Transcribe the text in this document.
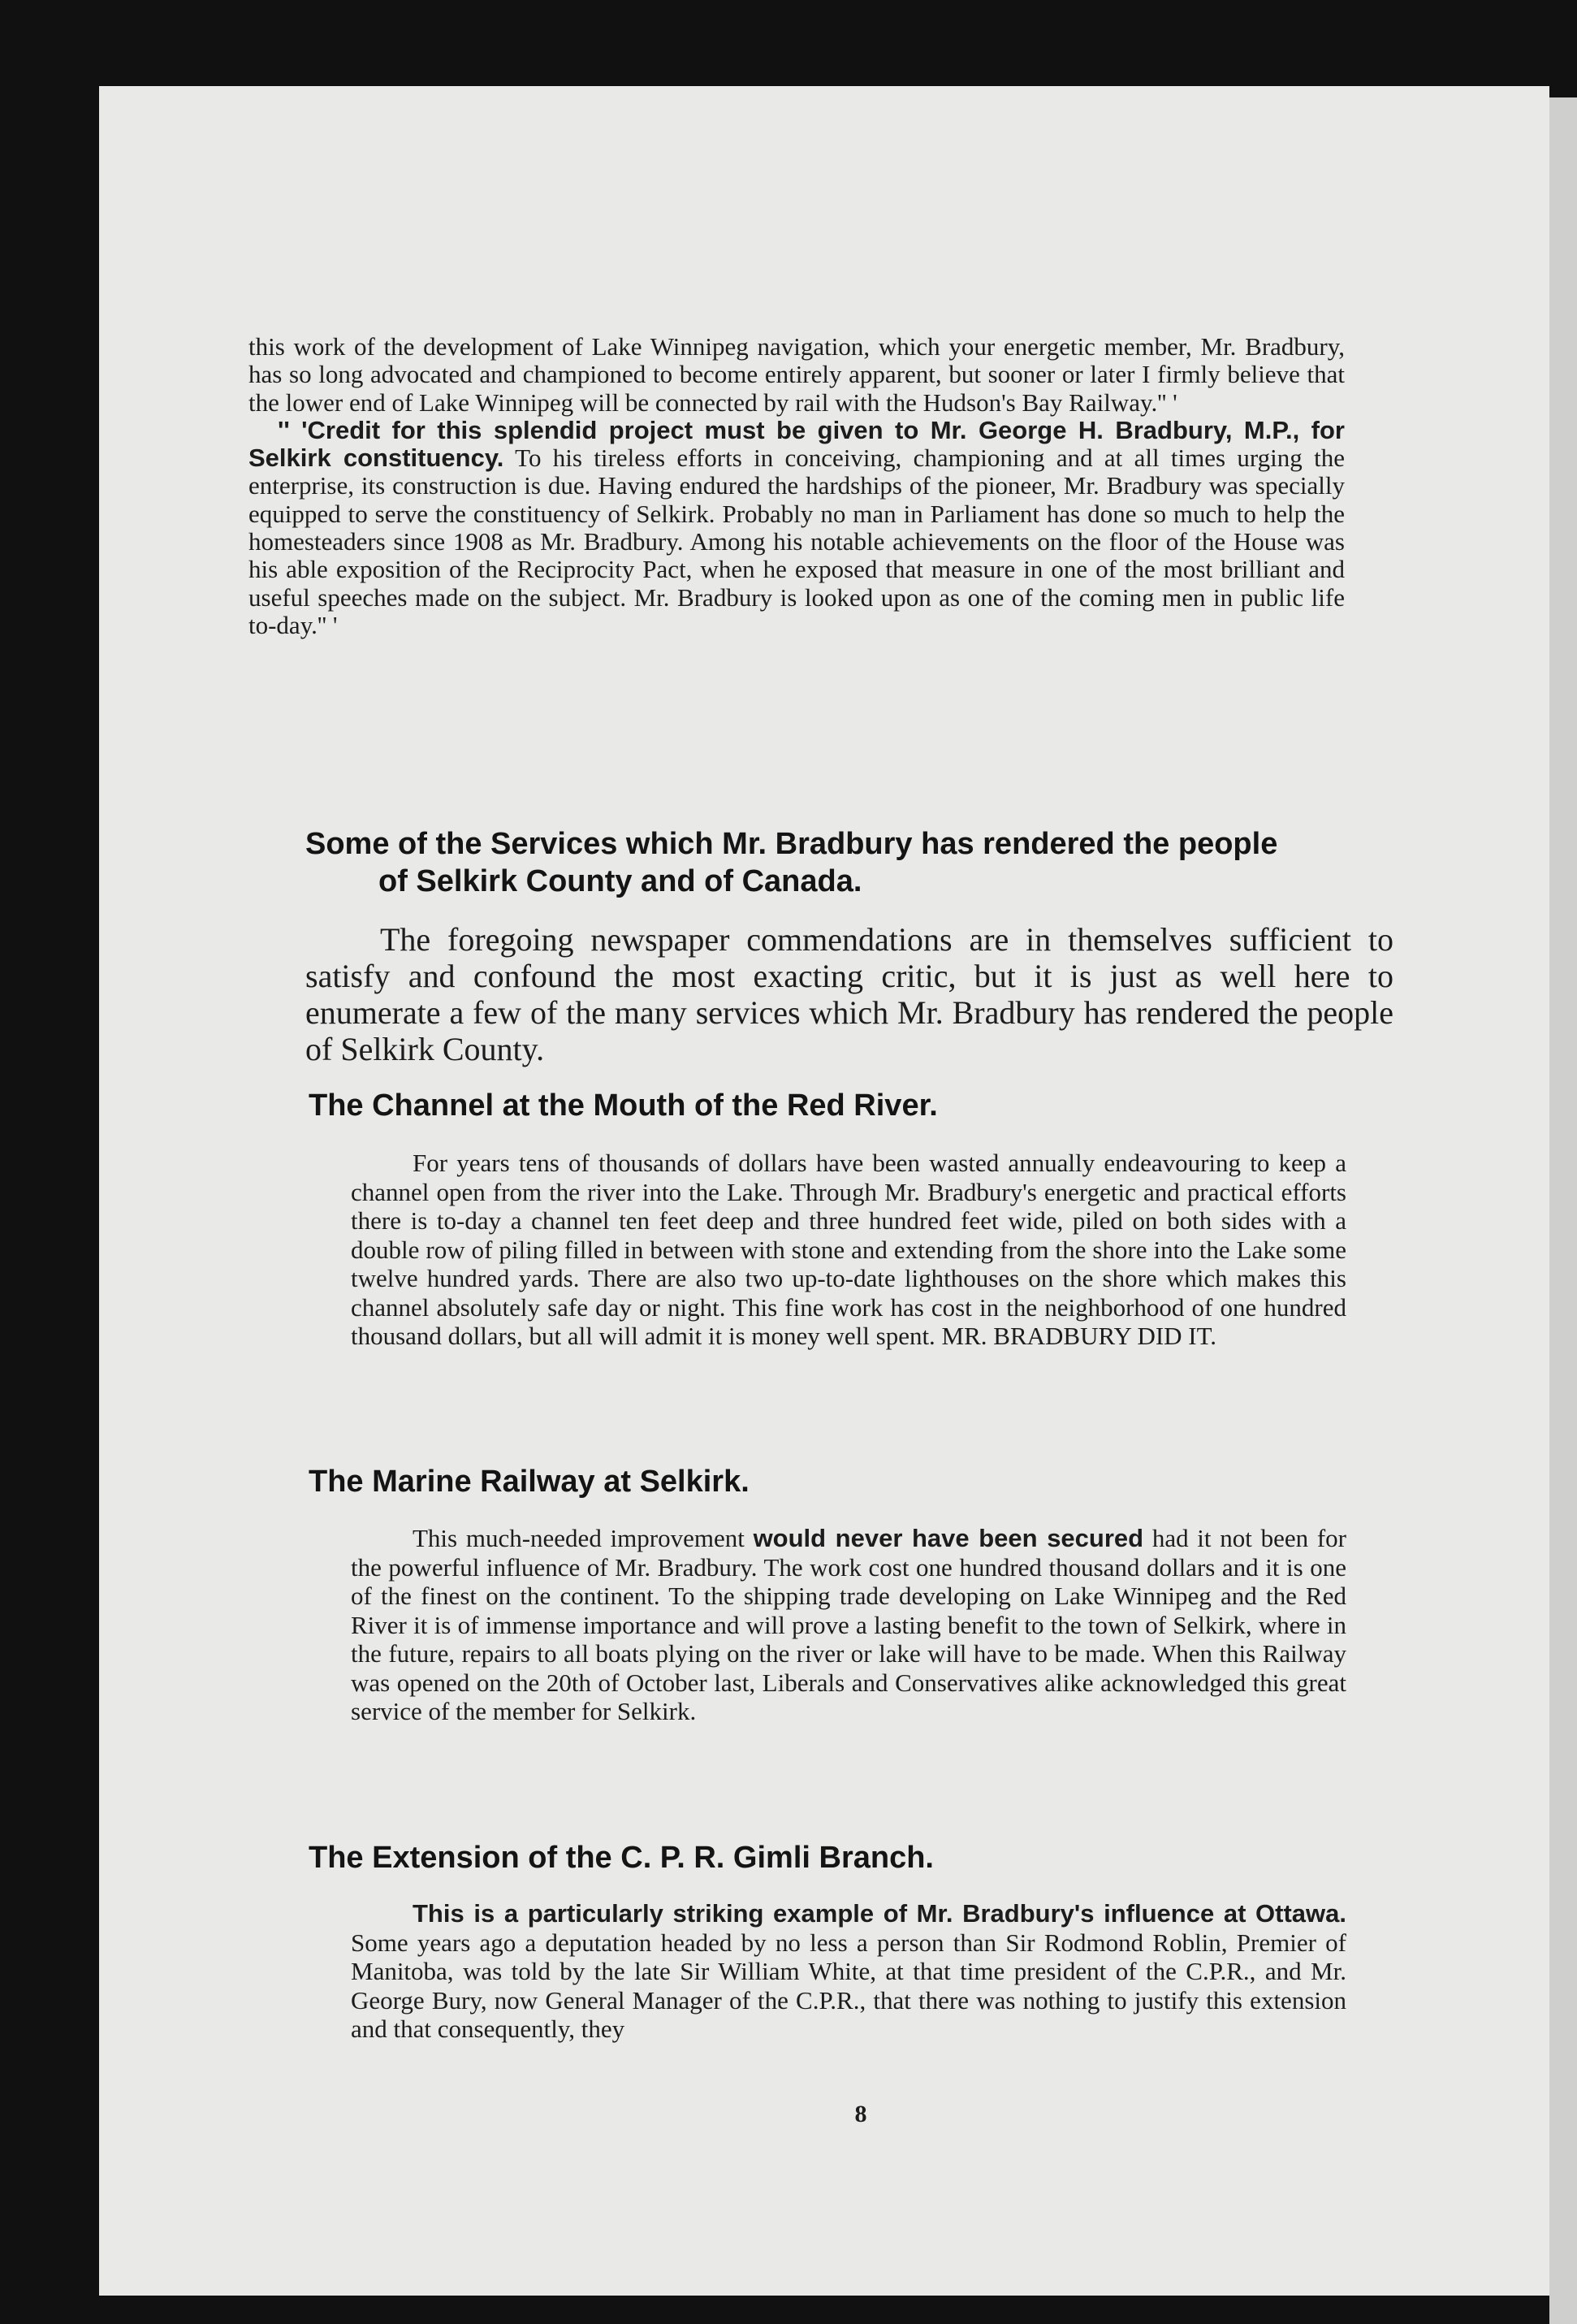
this work of the development of Lake Winnipeg navigation, which your energetic member, Mr. Bradbury, has so long advocated and championed to become entirely apparent, but sooner or later I firmly believe that the lower end of Lake Winnipeg will be connected by rail with the Hudson's Bay Railway.'' '

'' 'Credit for this splendid project must be given to Mr. George H. Bradbury, M.P., for Selkirk constituency. To his tireless efforts in conceiving, championing and at all times urging the enterprise, its construction is due. Having endured the hardships of the pioneer, Mr. Bradbury was specially equipped to serve the constituency of Selkirk. Probably no man in Parliament has done so much to help the homesteaders since 1908 as Mr. Bradbury. Among his notable achievements on the floor of the House was his able exposition of the Reciprocity Pact, when he exposed that measure in one of the most brilliant and useful speeches made on the subject. Mr. Bradbury is looked upon as one of the coming men in public life to-day.'' '

Some of the Services which Mr. Bradbury has rendered the people
of Selkirk County and of Canada.

The foregoing newspaper commendations are in themselves sufficient to satisfy and confound the most exacting critic, but it is just as well here to enumerate a few of the many services which Mr. Bradbury has rendered the people of Selkirk County.

The Channel at the Mouth of the Red River.

For years tens of thousands of dollars have been wasted annually endeavouring to keep a channel open from the river into the Lake. Through Mr. Bradbury's energetic and practical efforts there is to-day a channel ten feet deep and three hundred feet wide, piled on both sides with a double row of piling filled in between with stone and extending from the shore into the Lake some twelve hundred yards. There are also two up-to-date lighthouses on the shore which makes this channel absolutely safe day or night. This fine work has cost in the neighborhood of one hundred thousand dollars, but all will admit it is money well spent. MR. BRADBURY DID IT.

The Marine Railway at Selkirk.

This much-needed improvement would never have been secured had it not been for the powerful influence of Mr. Bradbury. The work cost one hundred thousand dollars and it is one of the finest on the continent. To the shipping trade developing on Lake Winnipeg and the Red River it is of immense importance and will prove a lasting benefit to the town of Selkirk, where in the future, repairs to all boats plying on the river or lake will have to be made. When this Railway was opened on the 20th of October last, Liberals and Conservatives alike acknowledged this great service of the member for Selkirk.

The Extension of the C. P. R. Gimli Branch.

This is a particularly striking example of Mr. Bradbury's influence at Ottawa. Some years ago a deputation headed by no less a person than Sir Rodmond Roblin, Premier of Manitoba, was told by the late Sir William White, at that time president of the C.P.R., and Mr. George Bury, now General Manager of the C.P.R., that there was nothing to justify this extension and that consequently, they

8
